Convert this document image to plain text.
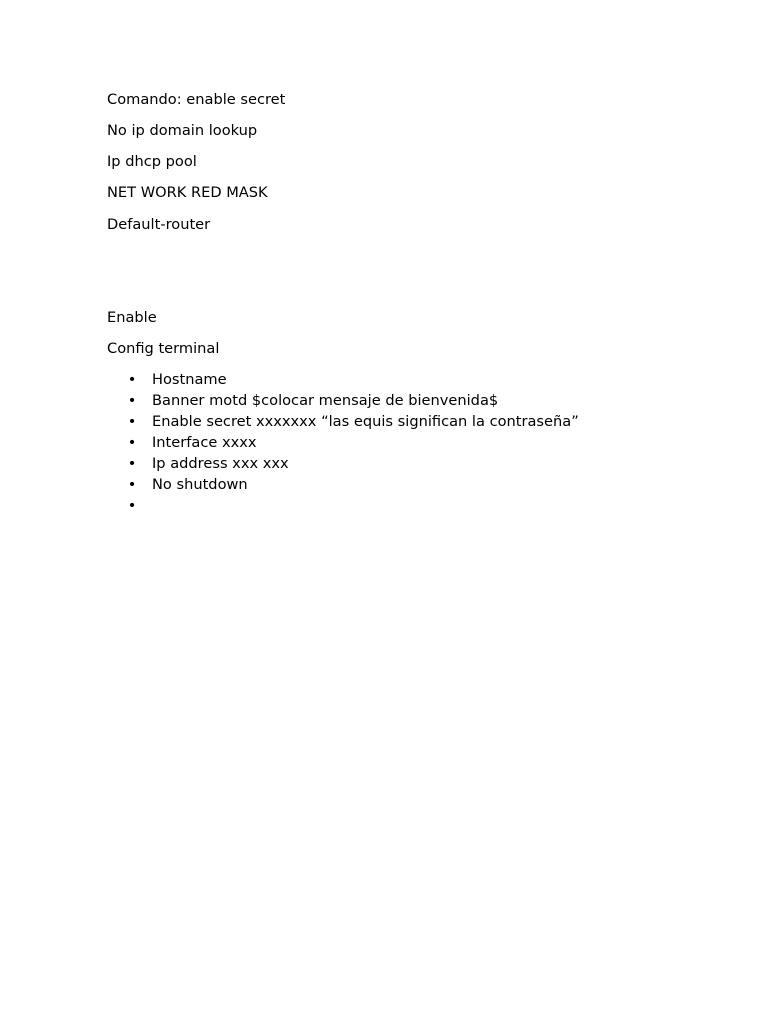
Comando: enable secret

No ip domain lookup

Ip dhcp pool

NET WORK RED MASK

Default-router

Enable

Config terminal

• Hostname
• Banner motd $colocar mensaje de bienvenida$
• Enable secret xxxxxxx “las equis significan la contraseña”
• Interface xxxx
• Ip address xxx xxx
• No shutdown
•
